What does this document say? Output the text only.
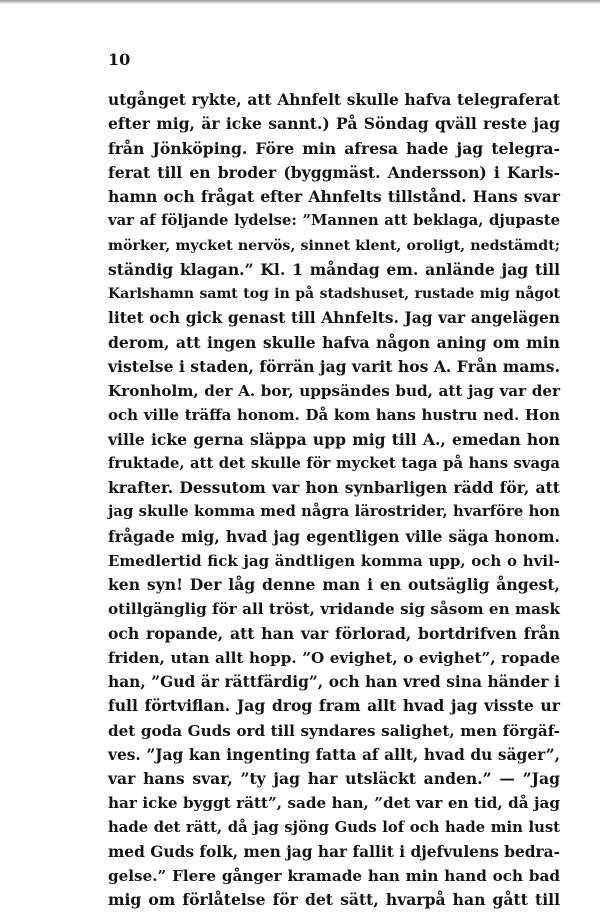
10
utgånget rykte, att Ahnfelt skulle hafva telegraferat
efter mig, är icke sannt.) På Söndag qväll reste jag
från Jönköping. Före min afresa hade jag telegra-
ferat till en broder (byggmäst. Andersson) i Karls-
hamn och frågat efter Ahnfelts tillstånd. Hans svar
var af följande lydelse: ”Mannen att beklaga, djupaste
mörker, mycket nervös, sinnet klent, oroligt, nedstämdt;
ständig klagan.” Kl. 1 måndag em. anlände jag till
Karlshamn samt tog in på stadshuset, rustade mig något
litet och gick genast till Ahnfelts. Jag var angelägen
derom, att ingen skulle hafva någon aning om min
vistelse i staden, förrän jag varit hos A. Från mams.
Kronholm, der A. bor, uppsändes bud, att jag var der
och ville träffa honom. Då kom hans hustru ned. Hon
ville icke gerna släppa upp mig till A., emedan hon
fruktade, att det skulle för mycket taga på hans svaga
krafter. Dessutom var hon synbarligen rädd för, att
jag skulle komma med några lärostrider, hvarföre hon
frågade mig, hvad jag egentligen ville säga honom.
Emedlertid fick jag ändtligen komma upp, och o hvil-
ken syn! Der låg denne man i en outsäglig ångest,
otillgänglig för all tröst, vridande sig såsom en mask
och ropande, att han var förlorad, bortdrifven från
friden, utan allt hopp. ”O evighet, o evighet”, ropade
han, ”Gud är rättfärdig”, och han vred sina händer i
full förtviflan. Jag drog fram allt hvad jag visste ur
det goda Guds ord till syndares salighet, men förgäf-
ves. ”Jag kan ingenting fatta af allt, hvad du säger”,
var hans svar, ”ty jag har utsläckt anden.” — ”Jag
har icke byggt rätt”, sade han, ”det var en tid, då jag
hade det rätt, då jag sjöng Guds lof och hade min lust
med Guds folk, men jag har fallit i djefvulens bedra-
gelse.” Flere gånger kramade han min hand och bad
mig om förlåtelse för det sätt, hvarpå han gått till
